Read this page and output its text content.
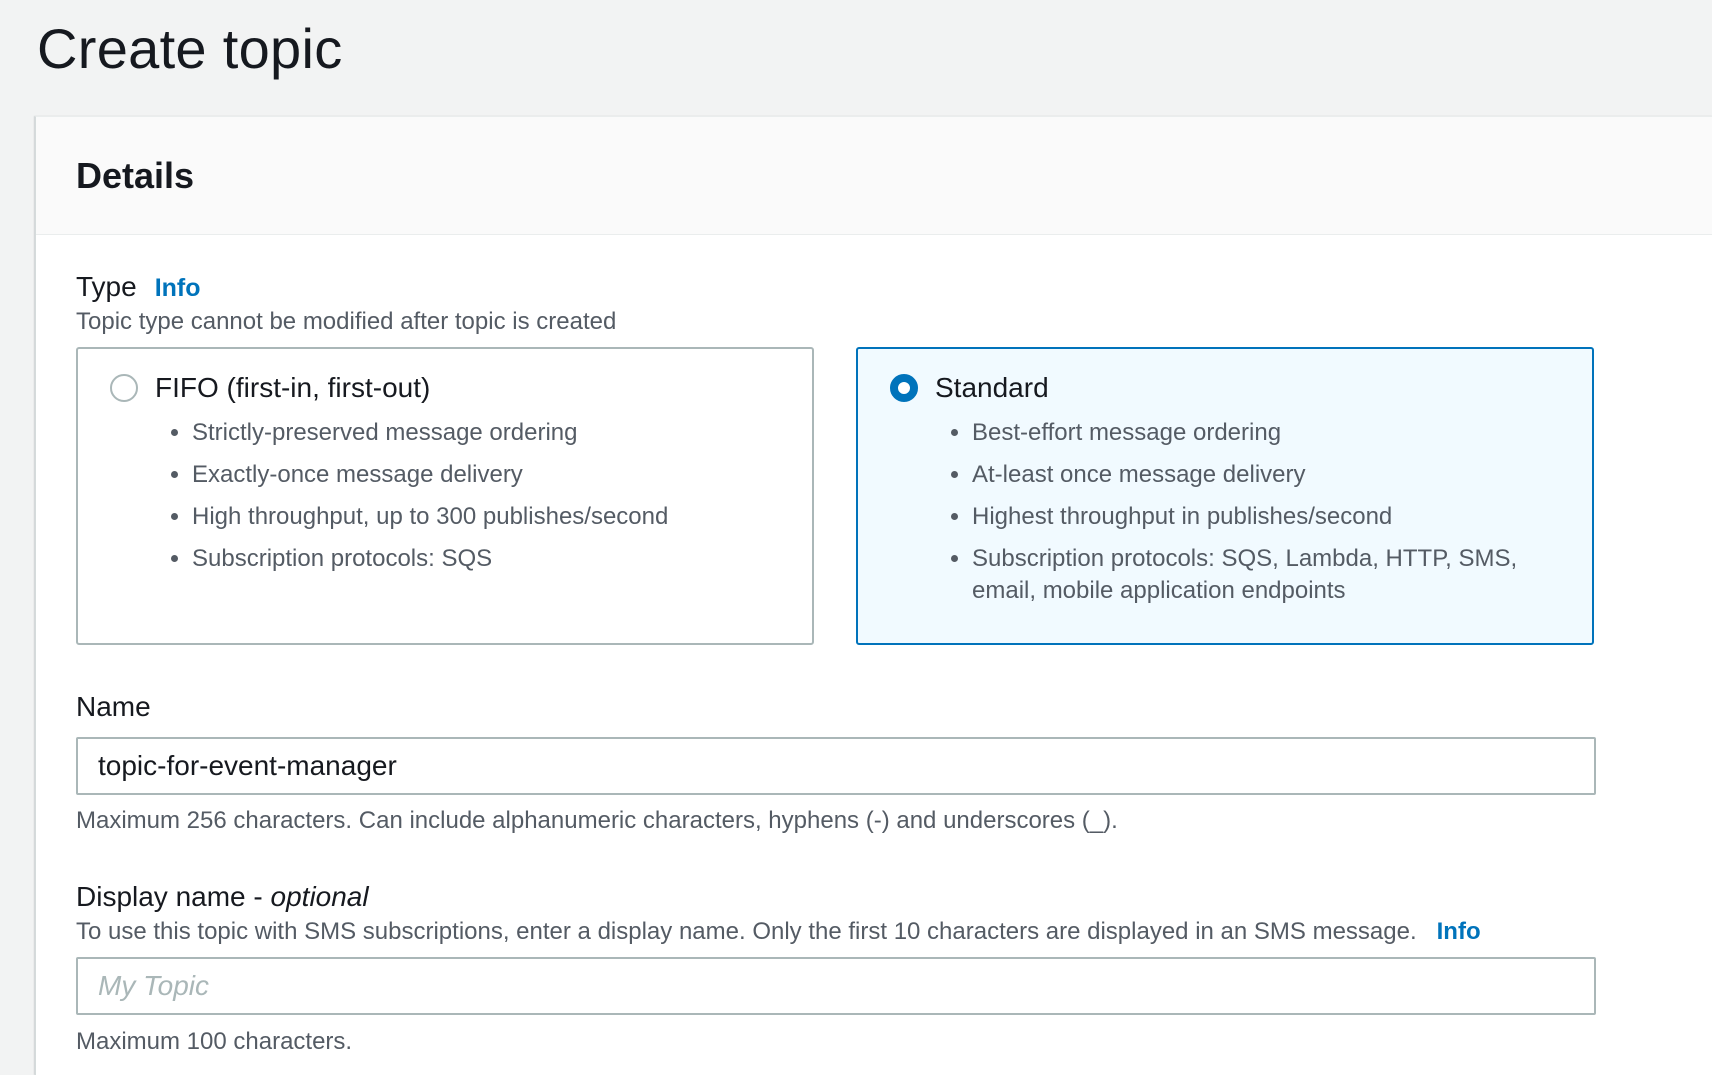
Create topic
Details
Type Info
Topic type cannot be modified after topic is created
FIFO (first-in, first-out)
• Strictly-preserved message ordering
• Exactly-once message delivery
• High throughput, up to 300 publishes/second
• Subscription protocols: SQS
Standard
• Best-effort message ordering
• At-least once message delivery
• Highest throughput in publishes/second
• Subscription protocols: SQS, Lambda, HTTP, SMS, email, mobile application endpoints
Name
topic-for-event-manager
Maximum 256 characters. Can include alphanumeric characters, hyphens (-) and underscores (_).
Display name - optional
To use this topic with SMS subscriptions, enter a display name. Only the first 10 characters are displayed in an SMS message. Info
My Topic
Maximum 100 characters.
